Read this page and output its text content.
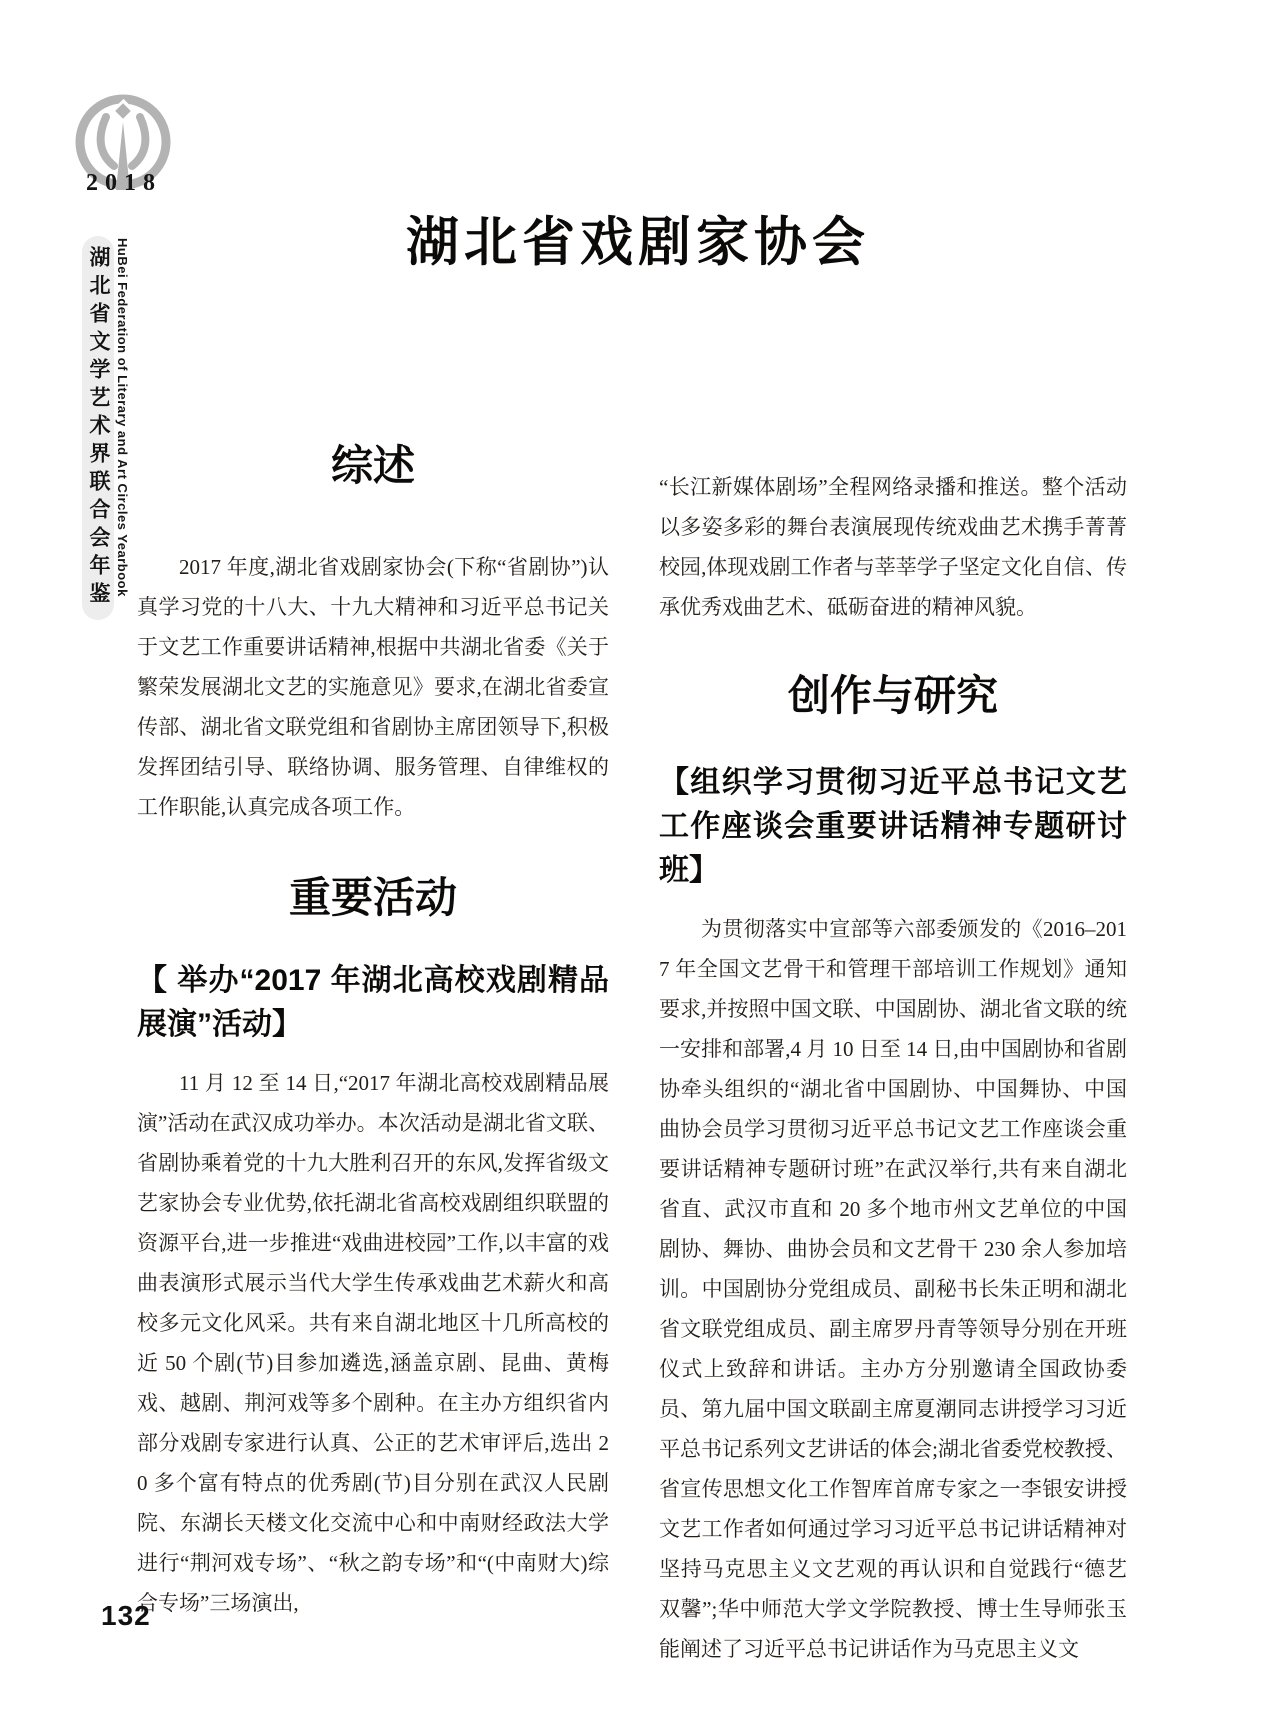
2018
湖北省文学艺术界联合会年鉴 HuBei Federation of Literary and Art Circles Yearbook	湖北省戏剧家协会
综述

2017 年度,湖北省戏剧家协会(下称“省剧协”)认真学习党的十八大、十九大精神和习近平总书记关于文艺工作重要讲话精神,根据中共湖北省委《关于繁荣发展湖北文艺的实施意见》要求,在湖北省委宣传部、湖北省文联党组和省剧协主席团领导下,积极发挥团结引导、联络协调、服务管理、自律维权的工作职能,认真完成各项工作。

重要活动
【 举办“2017 年湖北高校戏剧精品展演”活动】

11 月 12 至 14 日,“2017 年湖北高校戏剧精品展演”活动在武汉成功举办。本次活动是湖北省文联、省剧协乘着党的十九大胜利召开的东风,发挥省级文艺家协会专业优势,依托湖北省高校戏剧组织联盟的资源平台,进一步推进“戏曲进校园”工作,以丰富的戏曲表演形式展示当代大学生传承戏曲艺术薪火和高校多元文化风采。共有来自湖北地区十几所高校的近 50 个剧(节)目参加遴选,涵盖京剧、昆曲、黄梅戏、越剧、荆河戏等多个剧种。在主办方组织省内部分戏剧专家进行认真、公正的艺术审评后,选出 20 多个富有特点的优秀剧(节)目分别在武汉人民剧院、东湖长天楼文化交流中心和中南财经政法大学进行“荆河戏专场”、“秋之韵专场”和“(中南财大)综合专场”三场演出,

“长江新媒体剧场”全程网络录播和推送。整个活动以多姿多彩的舞台表演展现传统戏曲艺术携手菁菁校园,体现戏剧工作者与莘莘学子坚定文化自信、传承优秀戏曲艺术、砥砺奋进的精神风貌。

创作与研究
【组织学习贯彻习近平总书记文艺工作座谈会重要讲话精神专题研讨班】

为贯彻落实中宣部等六部委颁发的《2016–2017 年全国文艺骨干和管理干部培训工作规划》通知要求,并按照中国文联、中国剧协、湖北省文联的统一安排和部署,4 月 10 日至 14 日,由中国剧协和省剧协牵头组织的“湖北省中国剧协、中国舞协、中国曲协会员学习贯彻习近平总书记文艺工作座谈会重要讲话精神专题研讨班”在武汉举行,共有来自湖北省直、武汉市直和 20 多个地市州文艺单位的中国剧协、舞协、曲协会员和文艺骨干 230 余人参加培训。中国剧协分党组成员、副秘书长朱正明和湖北省文联党组成员、副主席罗丹青等领导分别在开班仪式上致辞和讲话。主办方分别邀请全国政协委员、第九届中国文联副主席夏潮同志讲授学习习近平总书记系列文艺讲话的体会;湖北省委党校教授、省宣传思想文化工作智库首席专家之一李银安讲授文艺工作者如何通过学习习近平总书记讲话精神对坚持马克思主义文艺观的再认识和自觉践行“德艺双馨”;华中师范大学文学院教授、博士生导师张玉能阐述了习近平总书记讲话作为马克思主义文

132
